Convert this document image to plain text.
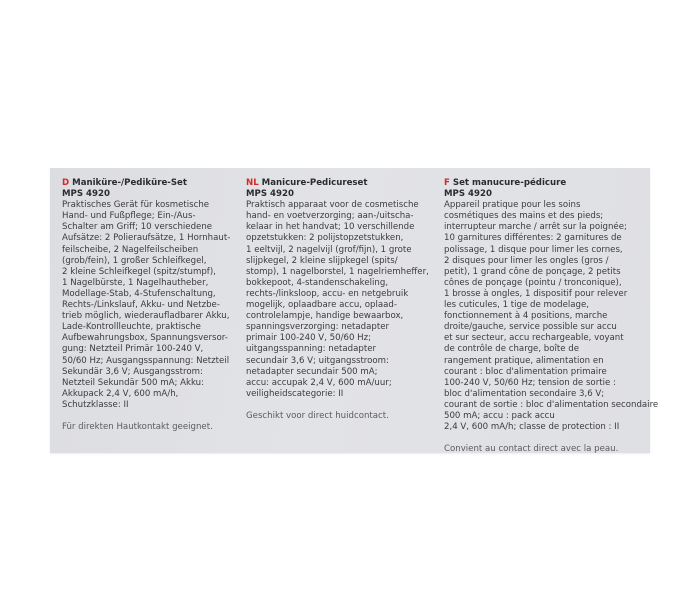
D Maniküre-/Pediküre-Set
MPS 4920
Praktisches Gerät für kosmetische
Hand- und Fußpflege; Ein-/Aus-
Schalter am Griff; 10 verschiedene
Aufsätze: 2 Polieraufsätze, 1 Hornhaut-
feilscheibe, 2 Nagelfeilscheiben
(grob/fein), 1 großer Schleifkegel,
2 kleine Schleifkegel (spitz/stumpf),
1 Nagelbürste, 1 Nagelhautheber,
Modellage-Stab, 4-Stufenschaltung,
Rechts-/Linkslauf, Akku- und Netzbe-
trieb möglich, wiederaufladbarer Akku,
Lade-Kontrollleuchte, praktische
Aufbewahrungsbox, Spannungsversor-
gung: Netzteil Primär 100-240 V,
50/60 Hz; Ausgangsspannung: Netzteil
Sekundär 3,6 V; Ausgangsstrom:
Netzteil Sekundär 500 mA; Akku:
Akkupack 2,4 V, 600 mA/h,
Schutzklasse: II
Für direkten Hautkontakt geeignet.
NL Manicure-Pedicureset
MPS 4920
Praktisch apparaat voor de cosmetische
hand- en voetverzorging; aan-/uitscha-
kelaar in het handvat; 10 verschillende
opzetstukken: 2 polijstopzetstukken,
1 eeltvijl, 2 nagelvijl (grof/fijn), 1 grote
slijpkegel, 2 kleine slijpkegel (spits/
stomp), 1 nagelborstel, 1 nagelriemheffer,
bokkepoot, 4-standenschakeling,
rechts-/linksloop, accu- en netgebruik
mogelijk, oplaadbare accu, oplaad-
controlelampje, handige bewaarbox,
spanningsverzorging: netadapter
primair 100-240 V, 50/60 Hz;
uitgangsspanning: netadapter
secundair 3,6 V; uitgangsstroom:
netadapter secundair 500 mA;
accu: accupak 2,4 V, 600 mA/uur;
veiligheidscategorie: II
Geschikt voor direct huidcontact.
F Set manucure-pédicure
MPS 4920
Appareil pratique pour les soins
cosmétiques des mains et des pieds;
interrupteur marche / arrêt sur la poignée;
10 garnitures différentes: 2 garnitures de
polissage, 1 disque pour limer les cornes,
2 disques pour limer les ongles (gros /
petit), 1 grand cône de ponçage, 2 petits
cônes de ponçage (pointu / tronconique),
1 brosse à ongles, 1 dispositif pour relever
les cuticules, 1 tige de modelage,
fonctionnement à 4 positions, marche
droite/gauche, service possible sur accu
et sur secteur, accu rechargeable, voyant
de contrôle de charge, boîte de
rangement pratique, alimentation en
courant : bloc d'alimentation primaire
100-240 V, 50/60 Hz; tension de sortie :
bloc d'alimentation secondaire 3,6 V;
courant de sortie : bloc d'alimentation secondaire
500 mA; accu : pack accu
2,4 V, 600 mA/h; classe de protection : II
Convient au contact direct avec la peau.
